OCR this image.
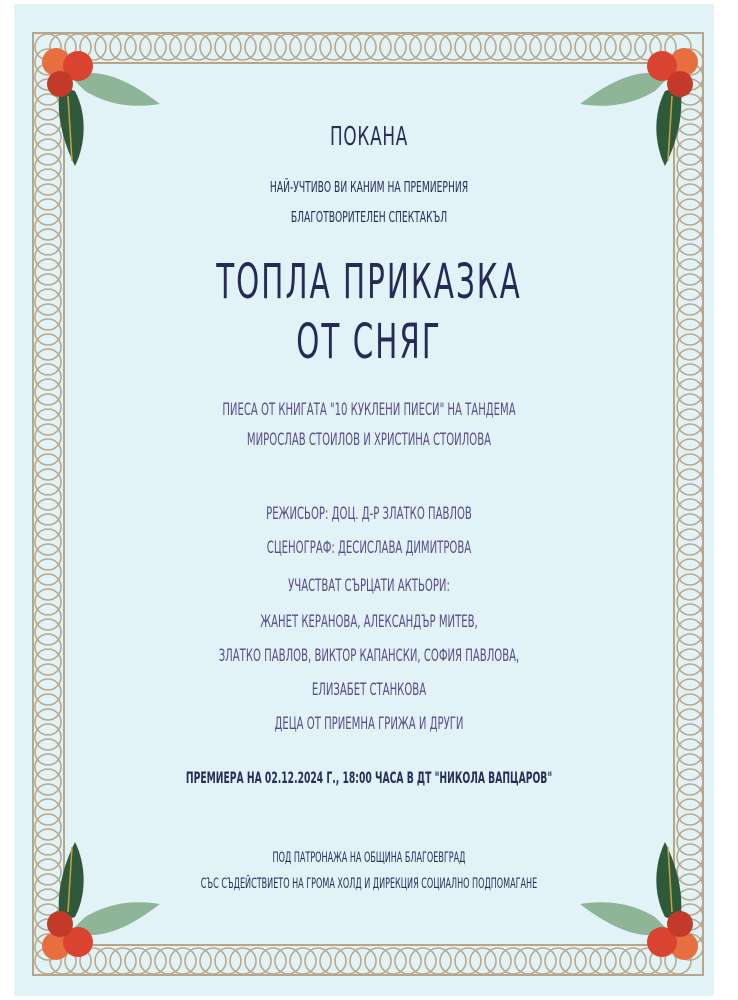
ПОКАНА
НАЙ-УЧТИВО ВИ КАНИМ НА ПРЕМИЕРНИЯ
БЛАГОТВОРИТЕЛЕН СПЕКТАКЪЛ
ТОПЛА ПРИКАЗКА
ОТ СНЯГ
ПИЕСА ОТ КНИГАТА "10 КУКЛЕНИ ПИЕСИ" НА ТАНДЕМА
МИРОСЛАВ СТОИЛОВ И ХРИСТИНА СТОИЛОВА
РЕЖИСЬОР: ДОЦ. Д-Р ЗЛАТКО ПАВЛОВ
СЦЕНОГРАФ: ДЕСИСЛАВА ДИМИТРОВА
УЧАСТВАТ СЪРЦАТИ АКТЬОРИ:
ЖАНЕТ КЕРАНОВА, АЛЕКСАНДЪР МИТЕВ,
ЗЛАТКО ПАВЛОВ, ВИКТОР КАПАНСКИ, СОФИЯ ПАВЛОВА,
ЕЛИЗАБЕТ СТАНКОВА
ДЕЦА ОТ ПРИЕМНА ГРИЖА И ДРУГИ
ПРЕМИЕРА НА 02.12.2024 Г., 18:00 ЧАСА В ДТ "НИКОЛА ВАПЦАРОВ"
ПОД ПАТРОНАЖА НА ОБЩИНА БЛАГОЕВГРАД
СЪС СЪДЕЙСТВИЕТО НА ГРОМА ХОЛД И ДИРЕКЦИЯ СОЦИАЛНО ПОДПОМАГАНЕ
